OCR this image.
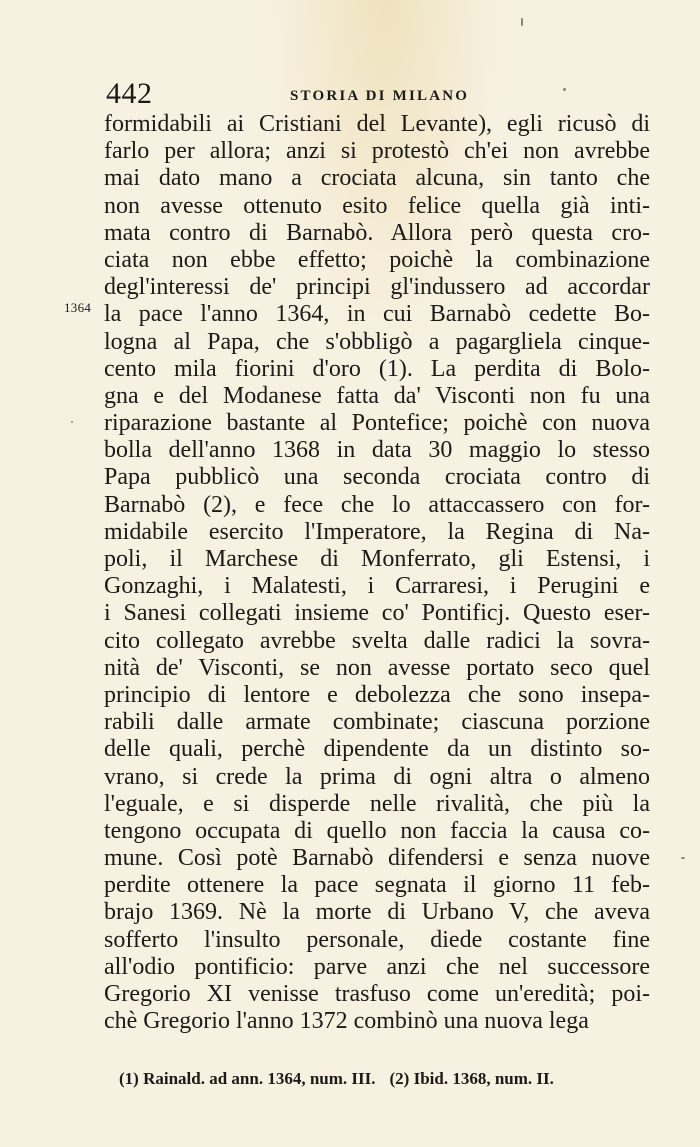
442	STORIA DI MILANO
1364
formidabili ai Cristiani del Levante), egli ricusò di
farlo per allora; anzi si protestò ch'ei non avrebbe
mai dato mano a crociata alcuna, sin tanto che
non avesse ottenuto esito felice quella già inti-
mata contro di Barnabò. Allora però questa cro-
ciata non ebbe effetto; poichè la combinazione
degl'interessi de' principi gl'indussero ad accordar
la pace l'anno 1364, in cui Barnabò cedette Bo-
logna al Papa, che s'obbligò a pagargliela cinque-
cento mila fiorini d'oro (1). La perdita di Bolo-
gna e del Modanese fatta da' Visconti non fu una
riparazione bastante al Pontefice; poichè con nuova
bolla dell'anno 1368 in data 30 maggio lo stesso
Papa pubblicò una seconda crociata contro di
Barnabò (2), e fece che lo attaccassero con for-
midabile esercito l'Imperatore, la Regina di Na-
poli, il Marchese di Monferrato, gli Estensi, i
Gonzaghi, i Malatesti, i Carraresi, i Perugini e
i Sanesi collegati insieme co' Pontificj. Questo eser-
cito collegato avrebbe svelta dalle radici la sovra-
nità de' Visconti, se non avesse portato seco quel
principio di lentore e debolezza che sono insepa-
rabili dalle armate combinate; ciascuna porzione
delle quali, perchè dipendente da un distinto so-
vrano, si crede la prima di ogni altra o almeno
l'eguale, e si disperde nelle rivalità, che più la
tengono occupata di quello non faccia la causa co-
mune. Così potè Barnabò difendersi e senza nuove
perdite ottenere la pace segnata il giorno 11 feb-
brajo 1369. Nè la morte di Urbano V, che aveva
sofferto l'insulto personale, diede costante fine
all'odio pontificio: parve anzi che nel successore
Gregorio XI venisse trasfuso come un'eredità; poi-
chè Gregorio l'anno 1372 combinò una nuova lega
(1) Rainald. ad ann. 1364, num. III. (2) Ibid. 1368, num. II.
